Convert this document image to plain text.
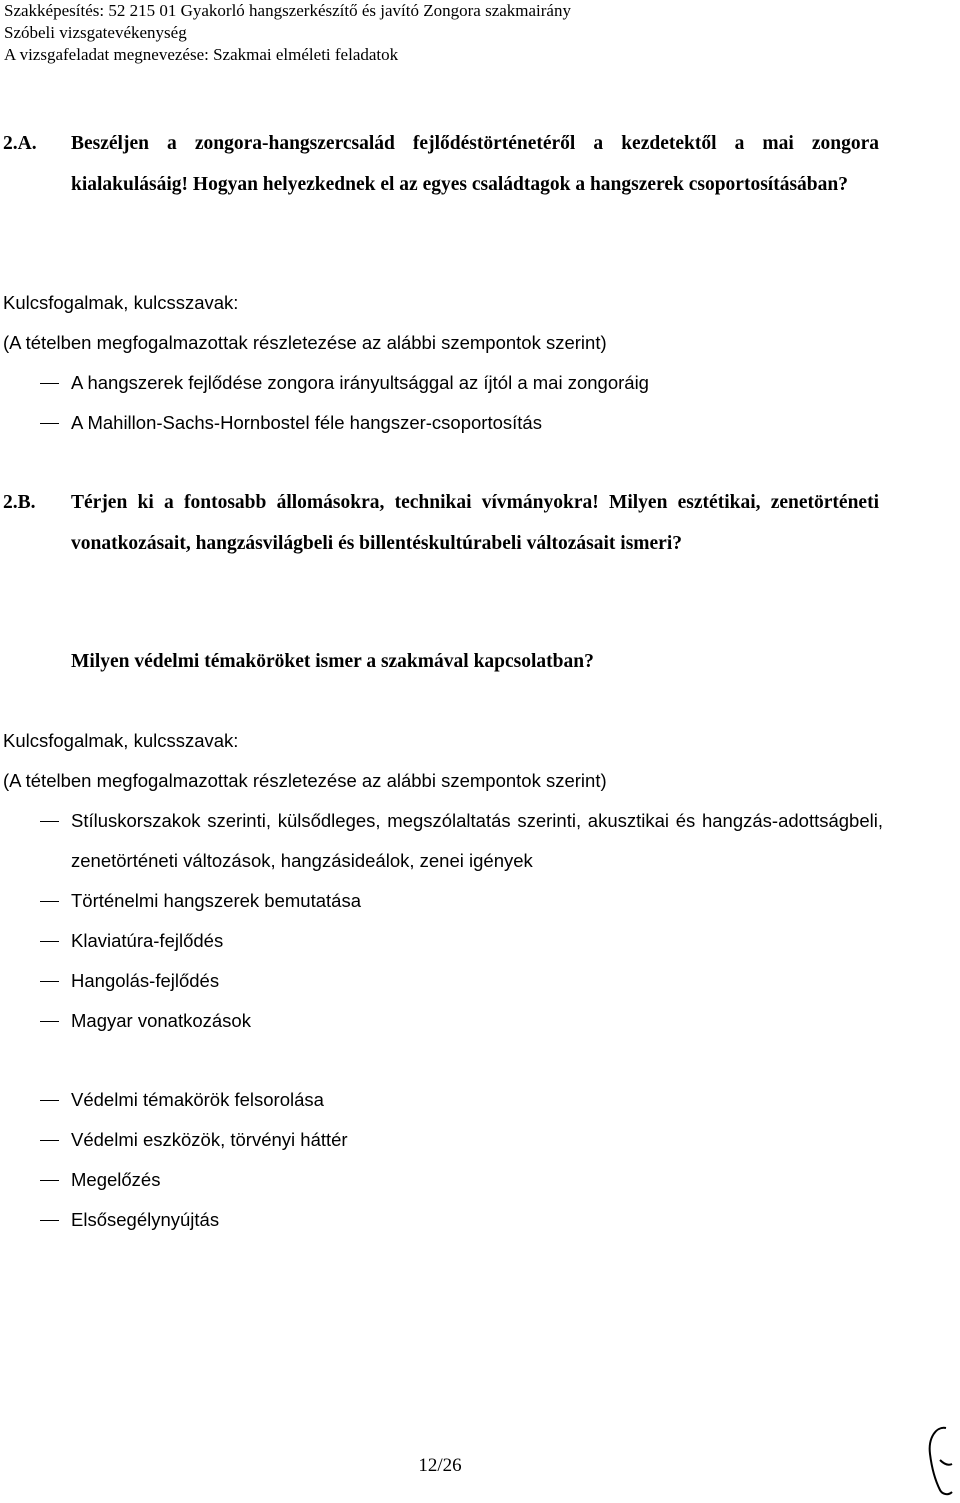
Szakképesítés: 52 215 01 Gyakorló hangszerkészítő és javító Zongora szakmairány
Szóbeli vizsgatevékenység
A vizsgafeladat megnevezése: Szakmai elméleti feladatok
2.A. Beszéljen a zongora-hangszercsalád fejlődéstörténetéről a kezdetektől a mai zongora kialakulásáig! Hogyan helyezkednek el az egyes családtagok a hangszerek csoportosításában?
Kulcsfogalmak, kulcsszavak:
(A tételben megfogalmazottak részletezése az alábbi szempontok szerint)
A hangszerek fejlődése zongora irányultsággal az íjtól a mai zongoráig
A Mahillon-Sachs-Hornbostel féle hangszer-csoportosítás
2.B. Térjen ki a fontosabb állomásokra, technikai vívmányokra! Milyen esztétikai, zenetörténeti vonatkozásait, hangzásvilágbeli és billentéskultúrabeli változásait ismeri?
Milyen védelmi témaköröket ismer a szakmával kapcsolatban?
Kulcsfogalmak, kulcsszavak:
(A tételben megfogalmazottak részletezése az alábbi szempontok szerint)
Stíluskorszakok szerinti, külsődleges, megszólaltatás szerinti, akusztikai és hangzás-adottságbeli, zenetörténeti változások, hangzásideálok, zenei igények
Történelmi hangszerek bemutatása
Klaviatúra-fejlődés
Hangolás-fejlődés
Magyar vonatkozások
Védelmi témakörök felsorolása
Védelmi eszközök, törvényi háttér
Megelőzés
Elsősegélynyújtás
12/26
